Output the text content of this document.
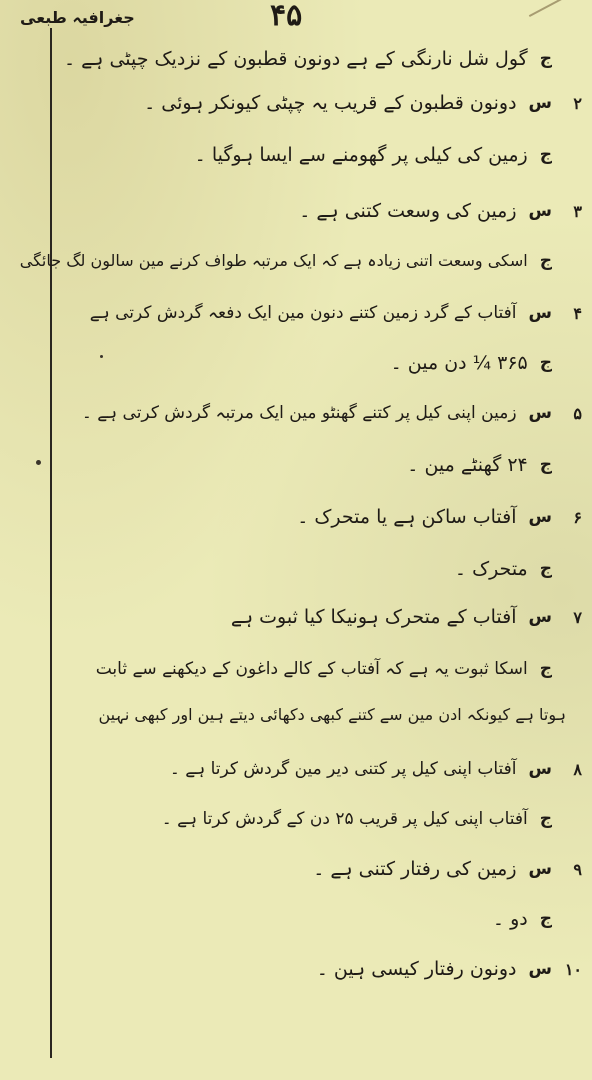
جغرافیہ طبعی	۴۵
ج
گول شل نارنگی کے ہے دونون قطبون کے نزدیک چپٹی ہے ۔
۲
س
دونون قطبون کے قریب یہ چپٹی کیونکر ہوئی ۔
ج
زمین کی کیلی پر گھومنے سے ایسا ہوگیا ۔
۳
س
زمین کی وسعت کتنی ہے ۔
ج
اسکی وسعت اتنی زیادہ ہے کہ ایک مرتبہ طواف کرنے مین سالون لگ جائگی
۴
س
آفتاب کے گرد زمین کتنے دنون مین ایک دفعہ گردش کرتی ہے
ج
۳۶۵ ¼ دن مین ۔
۵
س
زمین اپنی کیل پر کتنے گھنٹو مین ایک مرتبہ گردش کرتی ہے ۔
ج
۲۴ گھنٹے مین ۔
۶
س
آفتاب ساکن ہے یا متحرک ۔
ج
متحرک ۔
۷
س
آفتاب کے متحرک ہونیکا کیا ثبوت ہے
ج
اسکا ثبوت یہ ہے کہ آفتاب کے کالے داغون کے دیکھنے سے ثابت
ہوتا ہے کیونکہ ادن مین سے کتنے کبھی دکھائی دیتے ہین اور کبھی نہین
۸
س
آفتاب اپنی کیل پر کتنی دیر مین گردش کرتا ہے ۔
ج
آفتاب اپنی کیل پر قریب ۲۵ دن کے گردش کرتا ہے ۔
۹
س
زمین کی رفتار کتنی ہے ۔
ج
دو ۔
۱۰
س
دونون رفتار کیسی ہین ۔
